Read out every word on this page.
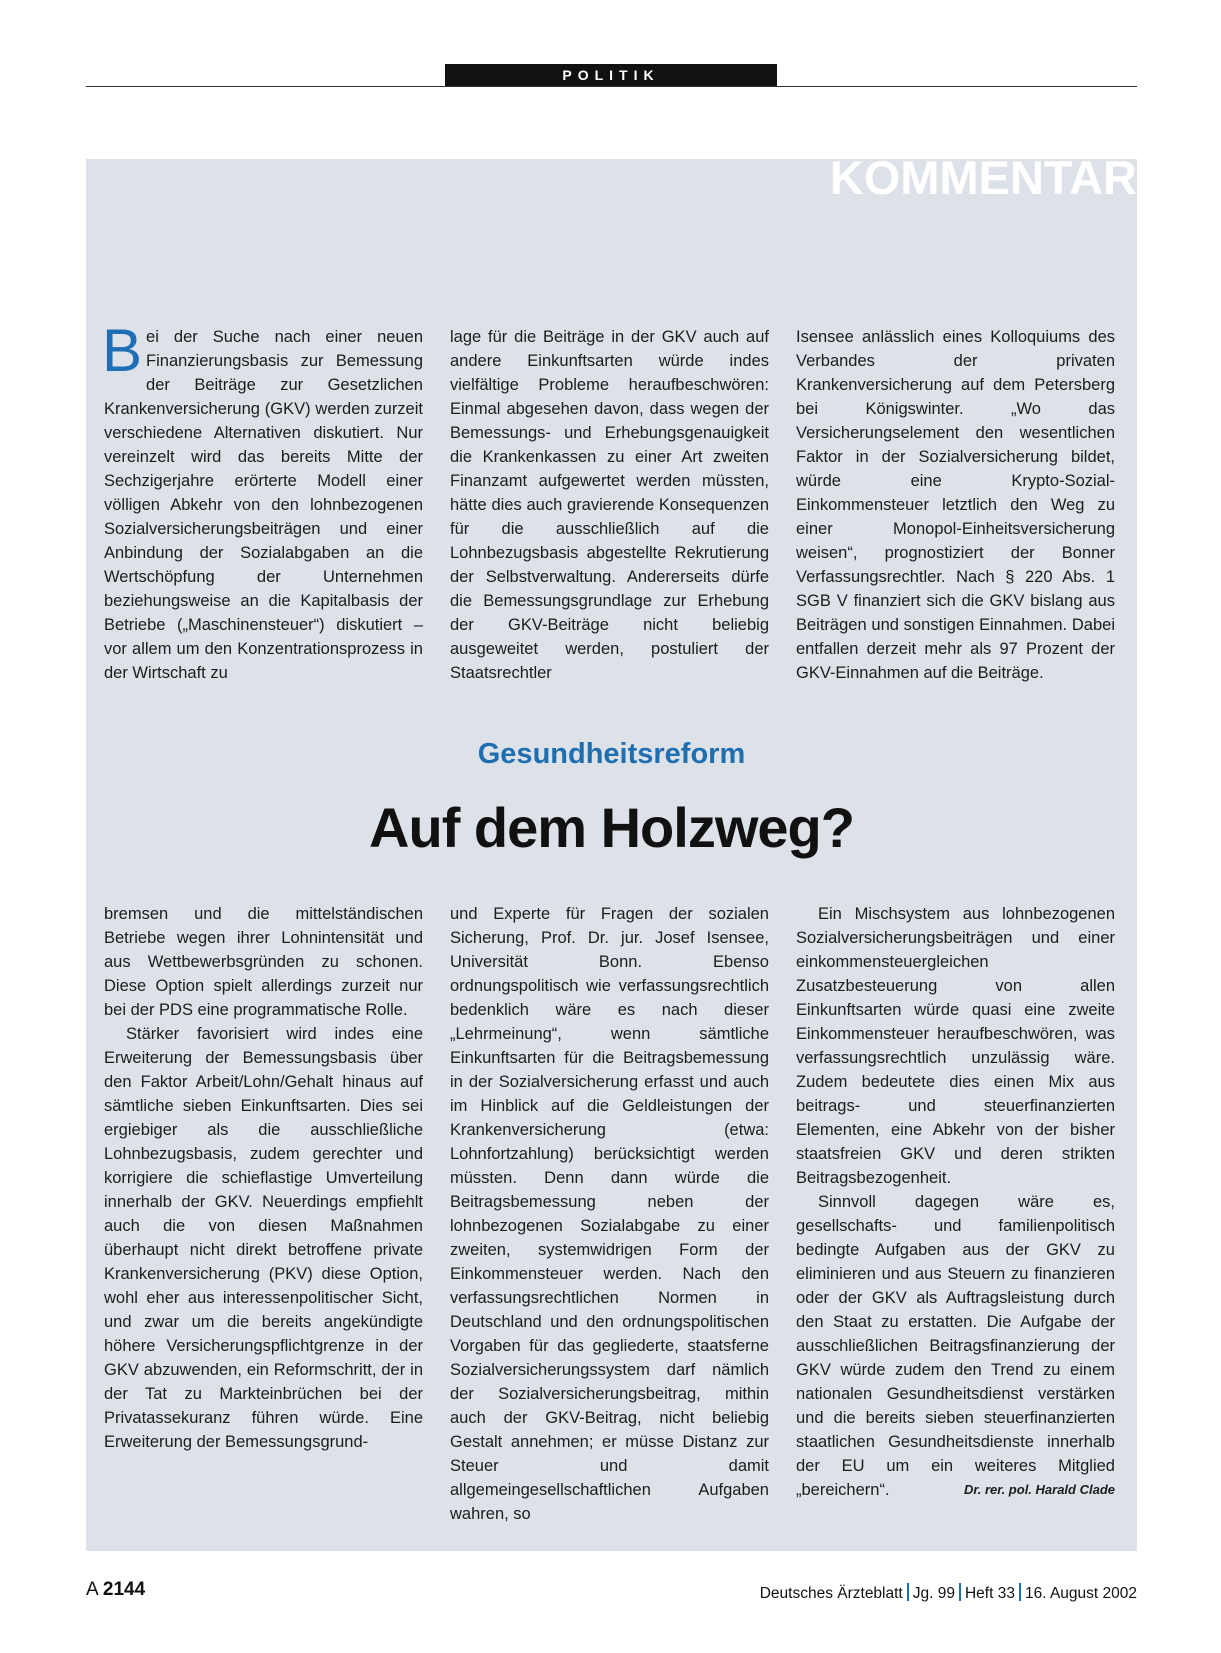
POLITIK
KOMMENTAR

Bei der Suche nach einer neuen Finanzierungsbasis zur Bemessung der Beiträge zur Gesetzlichen Krankenversicherung (GKV) werden zurzeit verschiedene Alternativen diskutiert. Nur vereinzelt wird das bereits Mitte der Sechzigerjahre erörterte Modell einer völligen Abkehr von den lohnbezogenen Sozialversicherungsbeiträgen und einer Anbindung der Sozialabgaben an die Wertschöpfung der Unternehmen beziehungsweise an die Kapitalbasis der Betriebe („Maschinensteuer“) diskutiert – vor allem um den Konzentrationsprozess in der Wirtschaft zu

lage für die Beiträge in der GKV auch auf andere Einkunftsarten würde indes vielfältige Probleme heraufbeschwören: Einmal abgesehen davon, dass wegen der Bemessungs- und Erhebungsgenauigkeit die Krankenkassen zu einer Art zweiten Finanzamt aufgewertet werden müssten, hätte dies auch gravierende Konsequenzen für die ausschließlich auf die Lohnbezugsbasis abgestellte Rekrutierung der Selbstverwaltung. Andererseits dürfe die Bemessungsgrundlage zur Erhebung der GKV-Beiträge nicht beliebig ausgeweitet werden, postuliert der Staatsrechtler

Isensee anlässlich eines Kolloquiums des Verbandes der privaten Krankenversicherung auf dem Petersberg bei Königswinter. „Wo das Versicherungselement den wesentlichen Faktor in der Sozialversicherung bildet, würde eine Krypto-Sozial-Einkommensteuer letztlich den Weg zu einer Monopol-Einheitsversicherung weisen“, prognostiziert der Bonner Verfassungsrechtler. Nach § 220 Abs. 1 SGB V finanziert sich die GKV bislang aus Beiträgen und sonstigen Einnahmen. Dabei entfallen derzeit mehr als 97 Prozent der GKV-Einnahmen auf die Beiträge.

Gesundheitsreform
Auf dem Holzweg?

bremsen und die mittelständischen Betriebe wegen ihrer Lohnintensität und aus Wettbewerbsgründen zu schonen. Diese Option spielt allerdings zurzeit nur bei der PDS eine programmatische Rolle.

Stärker favorisiert wird indes eine Erweiterung der Bemessungsbasis über den Faktor Arbeit/Lohn/Gehalt hinaus auf sämtliche sieben Einkunftsarten. Dies sei ergiebiger als die ausschließliche Lohnbezugsbasis, zudem gerechter und korrigiere die schieflastige Umverteilung innerhalb der GKV. Neuerdings empfiehlt auch die von diesen Maßnahmen überhaupt nicht direkt betroffene private Krankenversicherung (PKV) diese Option, wohl eher aus interessenpolitischer Sicht, und zwar um die bereits angekündigte höhere Versicherungspflichtgrenze in der GKV abzuwenden, ein Reformschritt, der in der Tat zu Markteinbrüchen bei der Privatassekuranz führen würde. Eine Erweiterung der Bemessungsgrund-

und Experte für Fragen der sozialen Sicherung, Prof. Dr. jur. Josef Isensee, Universität Bonn. Ebenso ordnungspolitisch wie verfassungsrechtlich bedenklich wäre es nach dieser „Lehrmeinung“, wenn sämtliche Einkunftsarten für die Beitragsbemessung in der Sozialversicherung erfasst und auch im Hinblick auf die Geldleistungen der Krankenversicherung (etwa: Lohnfortzahlung) berücksichtigt werden müssten. Denn dann würde die Beitragsbemessung neben der lohnbezogenen Sozialabgabe zu einer zweiten, systemwidrigen Form der Einkommensteuer werden. Nach den verfassungsrechtlichen Normen in Deutschland und den ordnungspolitischen Vorgaben für das gegliederte, staatsferne Sozialversicherungssystem darf nämlich der Sozialversicherungsbeitrag, mithin auch der GKV-Beitrag, nicht beliebig Gestalt annehmen; er müsse Distanz zur Steuer und damit allgemeingesellschaftlichen Aufgaben wahren, so

Ein Mischsystem aus lohnbezogenen Sozialversicherungsbeiträgen und einer einkommensteuergleichen Zusatzbesteuerung von allen Einkunftsarten würde quasi eine zweite Einkommensteuer heraufbeschwören, was verfassungsrechtlich unzulässig wäre. Zudem bedeutete dies einen Mix aus beitrags- und steuerfinanzierten Elementen, eine Abkehr von der bisher staatsfreien GKV und deren strikten Beitragsbezogenheit.

Sinnvoll dagegen wäre es, gesellschafts- und familienpolitisch bedingte Aufgaben aus der GKV zu eliminieren und aus Steuern zu finanzieren oder der GKV als Auftragsleistung durch den Staat zu erstatten. Die Aufgabe der ausschließlichen Beitragsfinanzierung der GKV würde zudem den Trend zu einem nationalen Gesundheitsdienst verstärken und die bereits sieben steuerfinanzierten staatlichen Gesundheitsdienste innerhalb der EU um ein weiteres Mitglied „bereichern“.	Dr. rer. pol. Harald Clade

A 2144	Deutsches Ärzteblatt Jg. 99 Heft 33 16. August 2002
